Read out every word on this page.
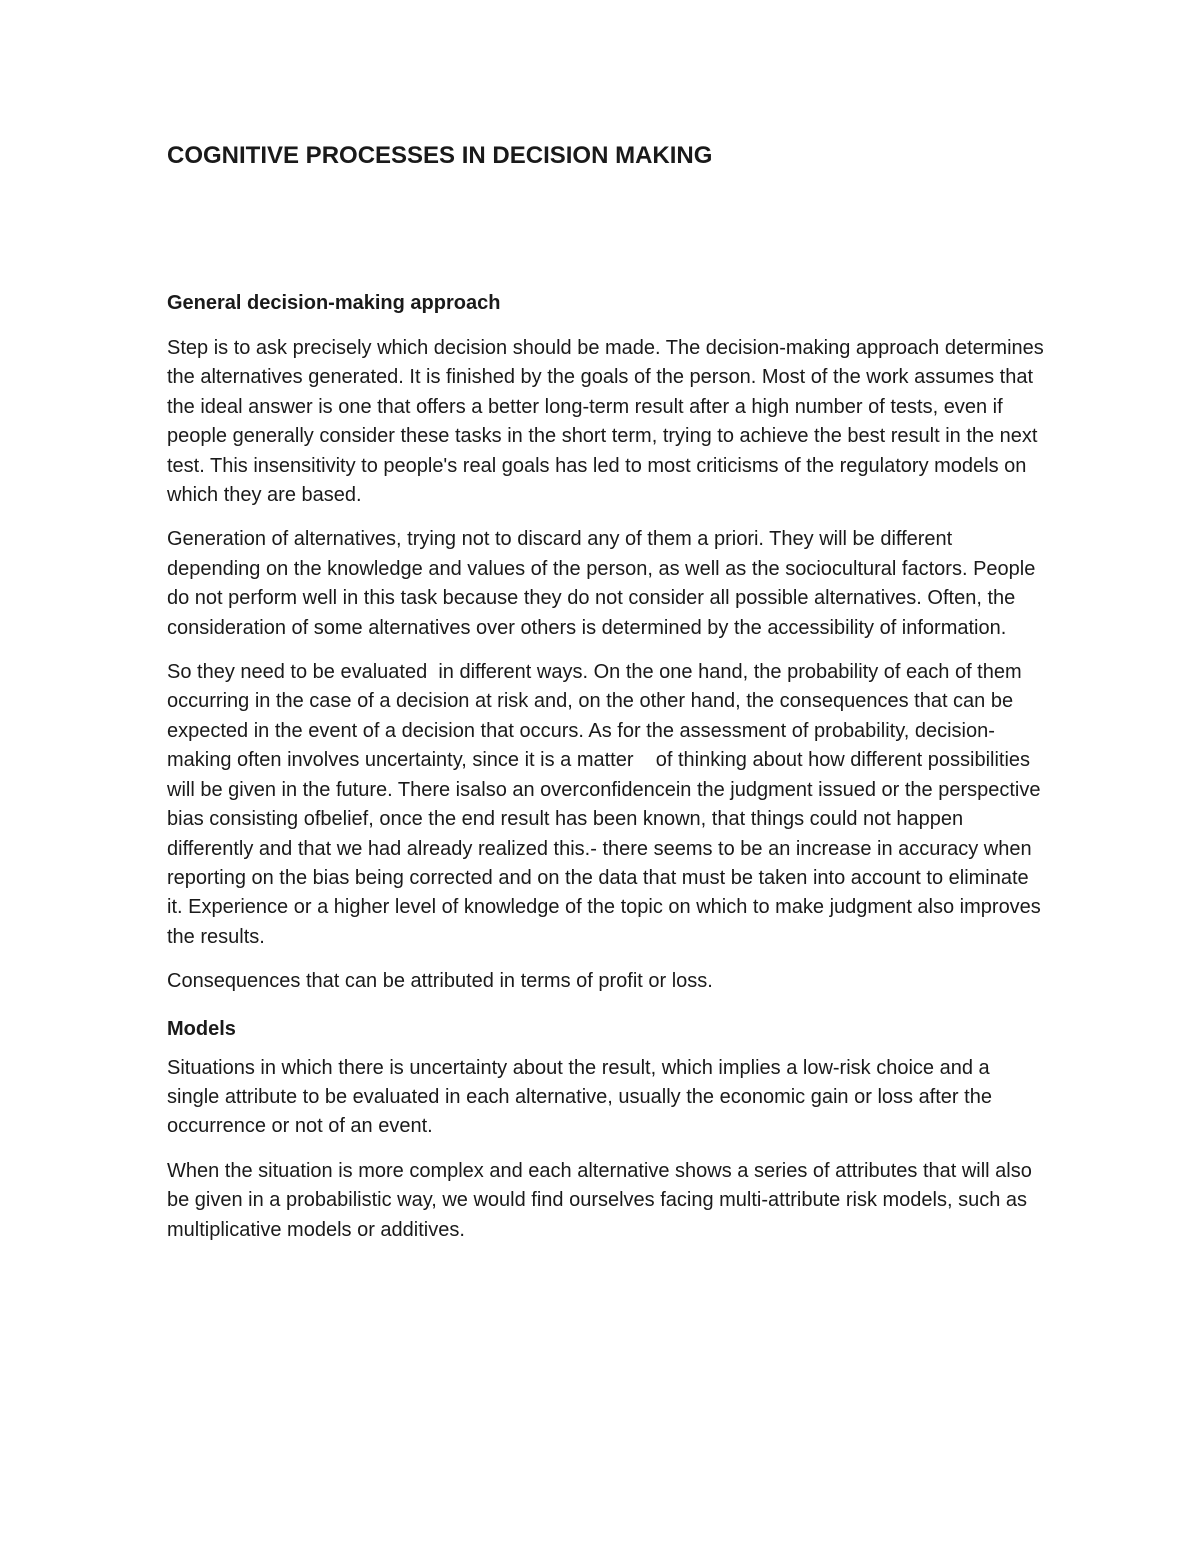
COGNITIVE PROCESSES IN DECISION MAKING
General decision-making approach

Step is to ask precisely which decision should be made. The decision-making approach determines the alternatives generated. It is finished by the goals of the person. Most of the work assumes that the ideal answer is one that offers a better long-term result after a high number of tests, even if people generally consider these tasks in the short term, trying to achieve the best result in the next test. This insensitivity to people's real goals has led to most criticisms of the regulatory models on which they are based.

Generation of alternatives, trying not to discard any of them a priori. They will be different depending on the knowledge and values of the person, as well as the sociocultural factors. People do not perform well in this task because they do not consider all possible alternatives. Often, the consideration of some alternatives over others is determined by the accessibility of information.

So they need to be evaluated  in different ways. On the one hand, the probability of each of them occurring in the case of a decision at risk and, on the other hand, the consequences that can be expected in the event of a decision that occurs. As for the assessment of probability, decision-making often involves uncertainty, since it is a matter    of thinking about how different possibilities will be given in the future. There isalso an overconfidencein the judgment issued or the perspective bias consisting ofbelief, once the end result has been known, that things could not happen differently and that we had already realized this.- there seems to be an increase in accuracy when reporting on the bias being corrected and on the data that must be taken into account to eliminate it. Experience or a higher level of knowledge of the topic on which to make judgment also improves the results.

Consequences that can be attributed in terms of profit or loss.

Models

Situations in which there is uncertainty about the result, which implies a low-risk choice and a single attribute to be evaluated in each alternative, usually the economic gain or loss after the occurrence or not of an event.

When the situation is more complex and each alternative shows a series of attributes that will also be given in a probabilistic way, we would find ourselves facing multi-attribute risk models, such as multiplicative models or additives.
